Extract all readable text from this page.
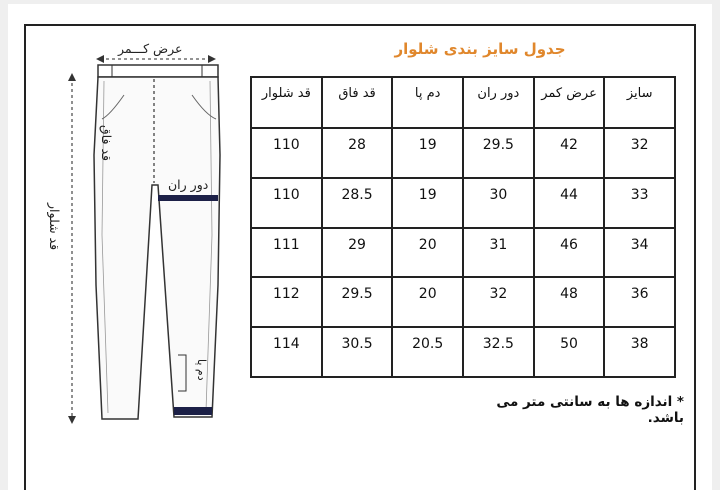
جدول سایز بندی شلوار
عرض کـــمر
قد فاق
دور ران
قد شلوار
دم پا
سایز	عرض کمر	دور ران	دم پا	قد فاق	قد شلوار
32	42	29.5	19	28	110
33	44	30	19	28.5	110
34	46	31	20	29	111
36	48	32	20	29.5	112
38	50	32.5	20.5	30.5	114
* اندازه ها به سانتی متر می باشد.
